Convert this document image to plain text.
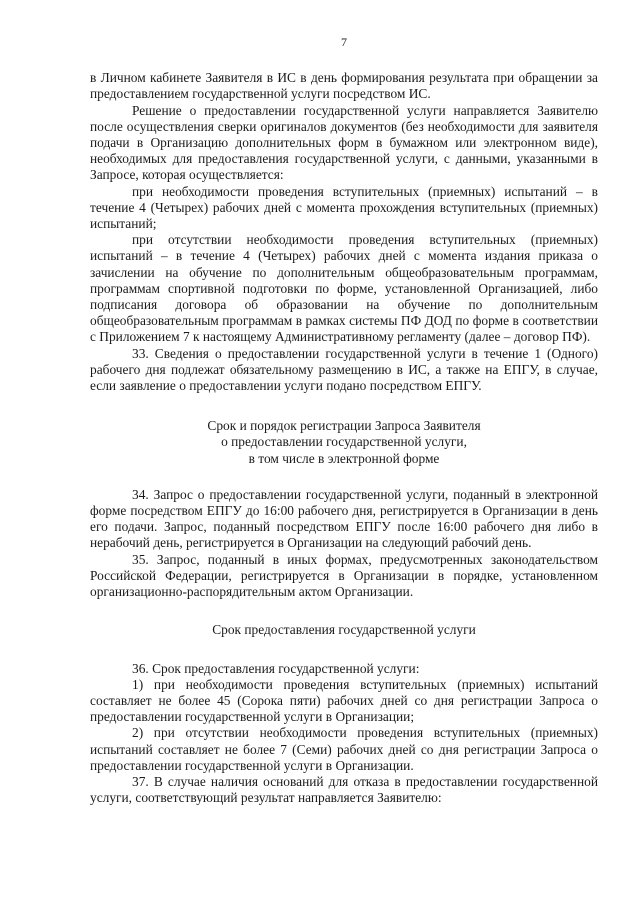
7

в Личном кабинете Заявителя в ИС в день формирования результата при обращении за предоставлением государственной услуги посредством ИС.

Решение о предоставлении государственной услуги направляется Заявителю после осуществления сверки оригиналов документов (без необходимости для заявителя подачи в Организацию дополнительных форм в бумажном или электронном виде), необходимых для предоставления государственной услуги, с данными, указанными в Запросе, которая осуществляется:

при необходимости проведения вступительных (приемных) испытаний – в течение 4 (Четырех) рабочих дней с момента прохождения вступительных (приемных) испытаний;

при отсутствии необходимости проведения вступительных (приемных) испытаний – в течение 4 (Четырех) рабочих дней с момента издания приказа о зачислении на обучение по дополнительным общеобразовательным программам, программам спортивной подготовки по форме, установленной Организацией, либо подписания договора об образовании на обучение по дополнительным общеобразовательным программам в рамках системы ПФ ДОД по форме в соответствии с Приложением 7 к настоящему Административному регламенту (далее – договор ПФ).

33. Сведения о предоставлении государственной услуги в течение 1 (Одного) рабочего дня подлежат обязательному размещению в ИС, а также на ЕПГУ, в случае, если заявление о предоставлении услуги подано посредством ЕПГУ.

Срок и порядок регистрации Запроса Заявителя
о предоставлении государственной услуги,
в том числе в электронной форме

34. Запрос о предоставлении государственной услуги, поданный в электронной форме посредством ЕПГУ до 16:00 рабочего дня, регистрируется в Организации в день его подачи. Запрос, поданный посредством ЕПГУ после 16:00 рабочего дня либо в нерабочий день, регистрируется в Организации на следующий рабочий день.

35. Запрос, поданный в иных формах, предусмотренных законодательством Российской Федерации, регистрируется в Организации в порядке, установленном организационно-распорядительным актом Организации.

Срок предоставления государственной услуги

36. Срок предоставления государственной услуги:

1) при необходимости проведения вступительных (приемных) испытаний составляет не более 45 (Сорока пяти) рабочих дней со дня регистрации Запроса о предоставлении государственной услуги в Организации;

2) при отсутствии необходимости проведения вступительных (приемных) испытаний составляет не более 7 (Семи) рабочих дней со дня регистрации Запроса о предоставлении государственной услуги в Организации.

37. В случае наличия оснований для отказа в предоставлении государственной услуги, соответствующий результат направляется Заявителю:
